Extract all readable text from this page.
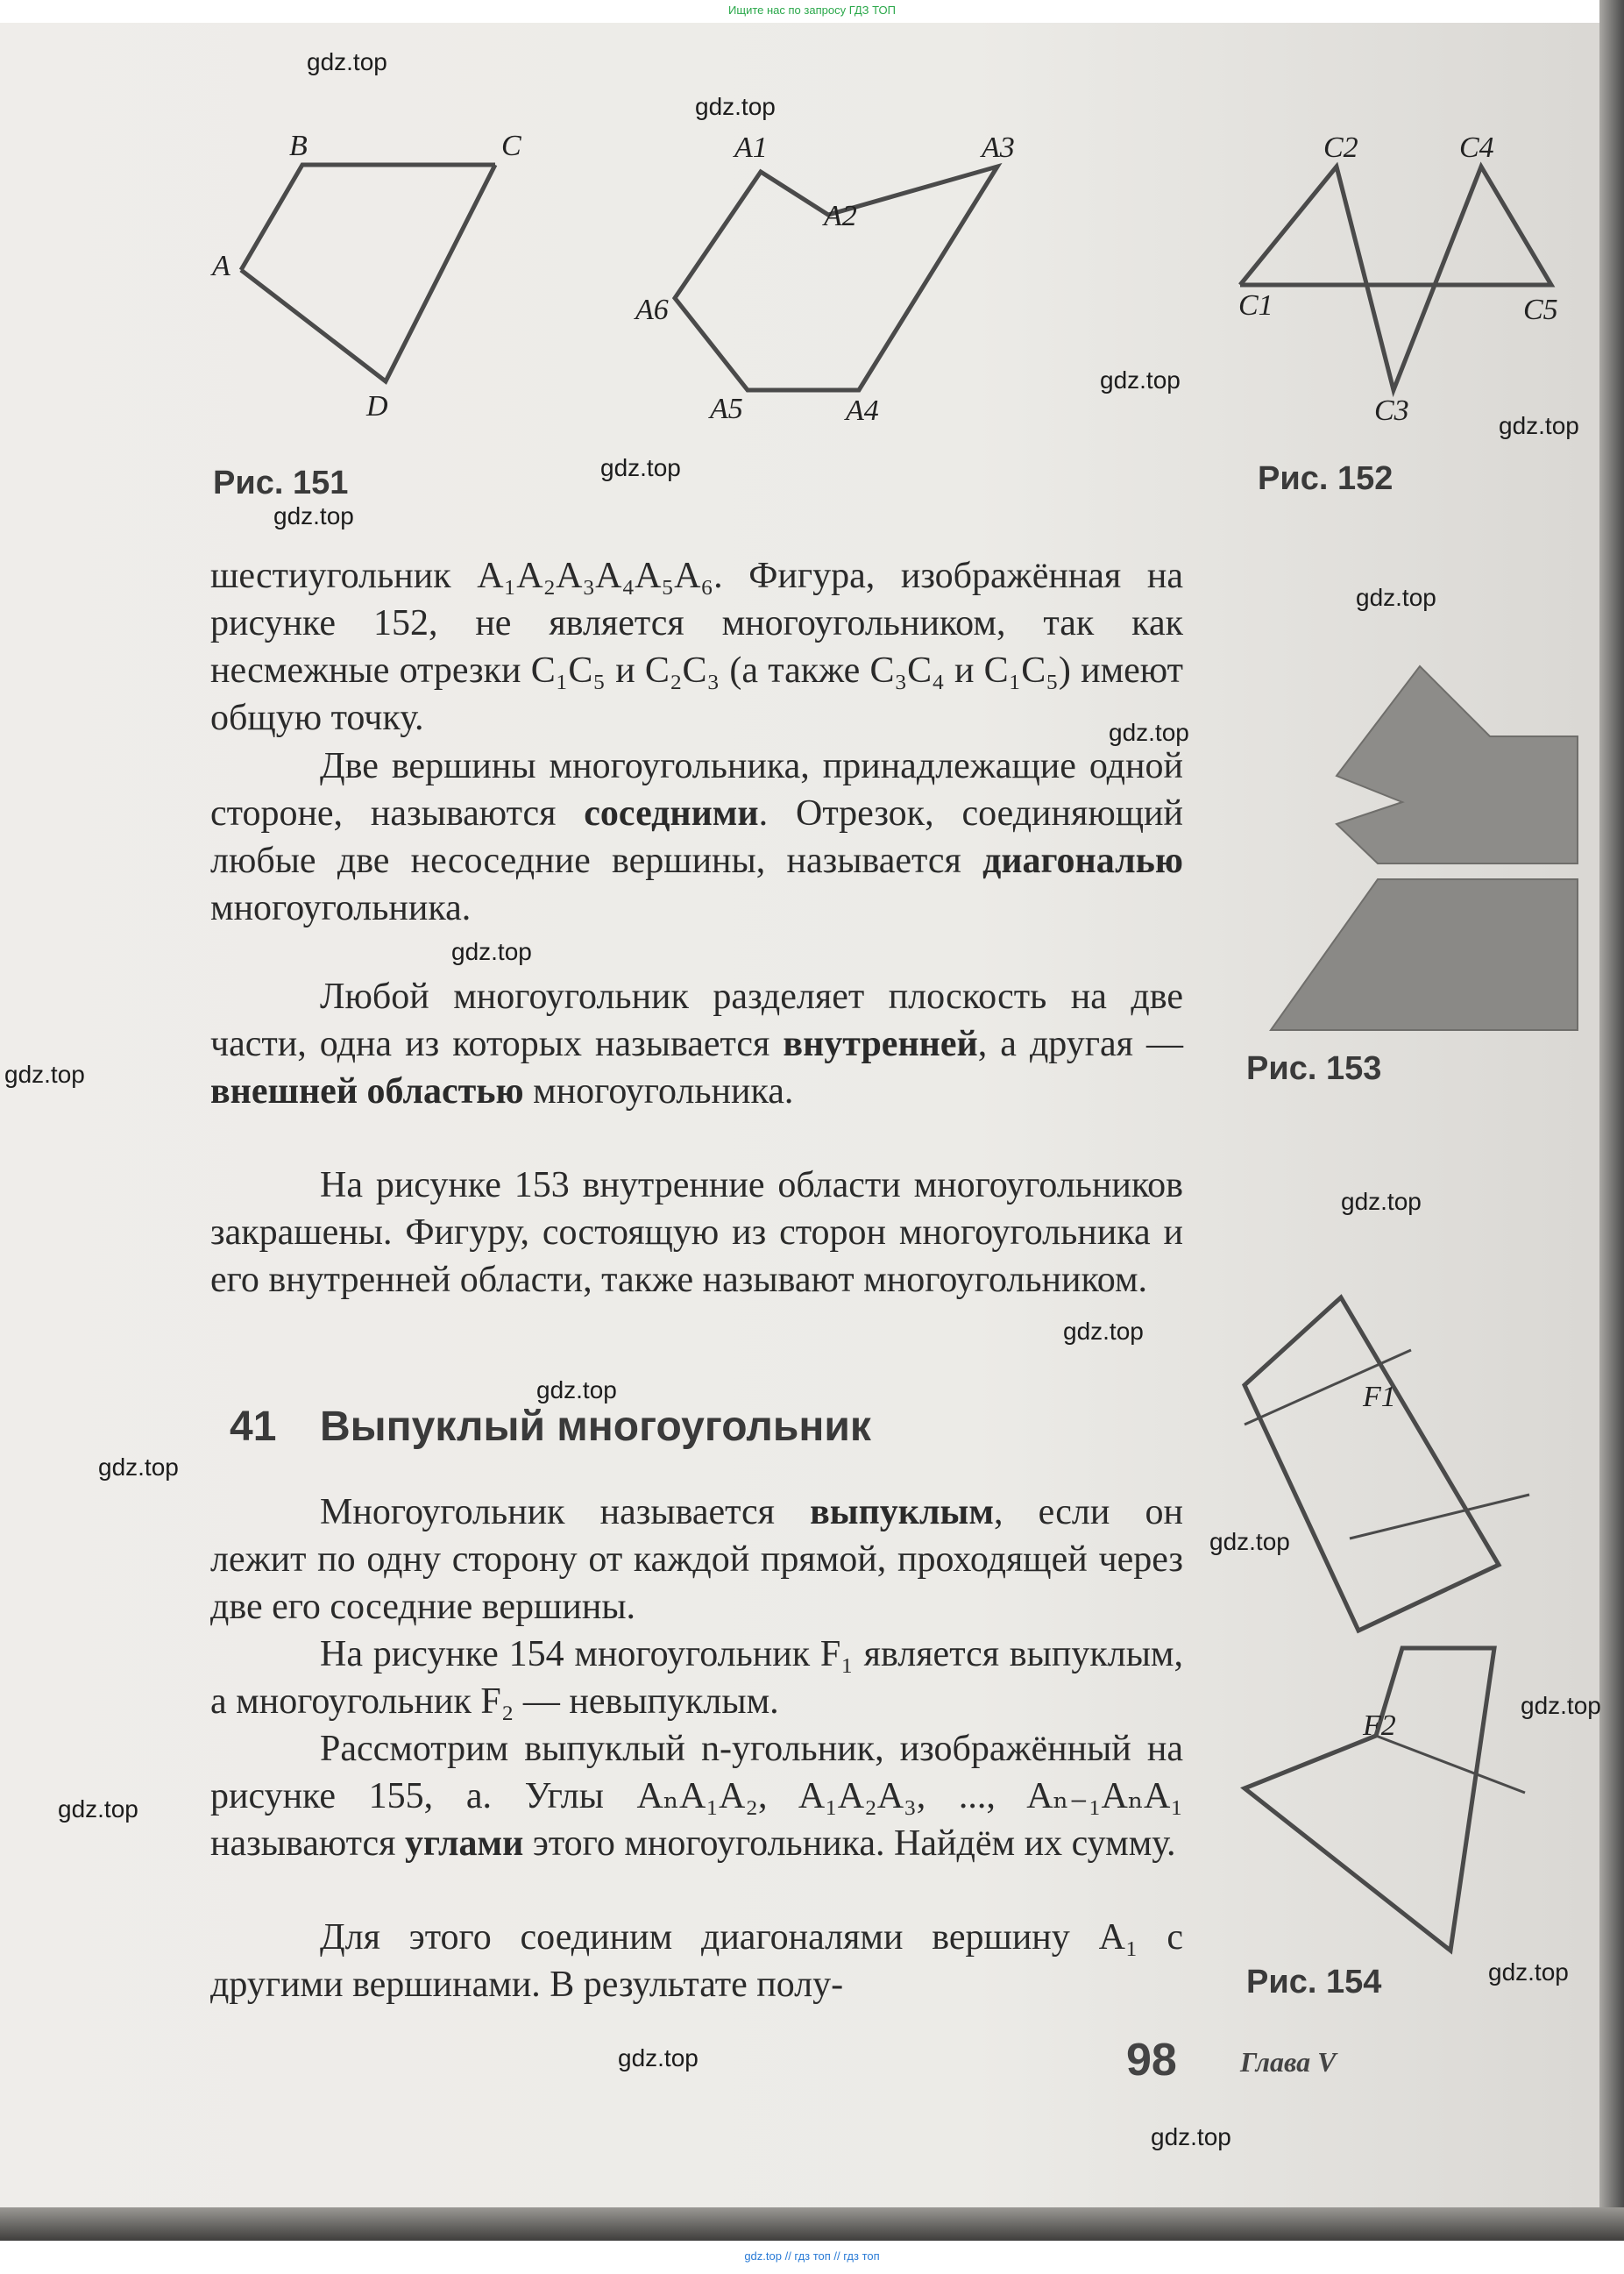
Ищите нас по запросу ГДЗ ТОП
gdz.top // гдз топ // гдз топ
gdz.top
gdz.top
gdz.top
gdz.top
gdz.top
gdz.top
gdz.top
gdz.top
gdz.top
gdz.top
gdz.top
gdz.top
gdz.top
gdz.top
gdz.top
gdz.top
gdz.top
gdz.top
gdz.top
gdz.top
A
B	C
D
Рис. 151
A1
A2
A3
A4
A5
A6	C1
C2
C3
C4
C5
Рис. 152
Рис. 153
F1
F2
Рис. 154
шестиугольник A₁A₂A₃A₄A₅A₆. Фигура, изображённая на рисунке 152, не является многоугольником, так как несмежные отрезки C₁C₅ и C₂C₃ (а также C₃C₄ и C₁C₅) имеют общую точку.
Две вершины многоугольника, принадлежащие одной стороне, называются соседними. Отрезок, соединяющий любые две несоседние вершины, называется диагональю многоугольника.
Любой многоугольник разделяет плоскость на две части, одна из которых называется внутренней, а другая — внешней областью многоугольника.
На рисунке 153 внутренние области многоугольников закрашены. Фигуру, состоящую из сторон многоугольника и его внутренней области, также называют многоугольником.
41 Выпуклый многоугольник
Многоугольник называется выпуклым, если он лежит по одну сторону от каждой прямой, проходящей через две его соседние вершины.
На рисунке 154 многоугольник F₁ является выпуклым, а многоугольник F₂ — невыпуклым.
Рассмотрим выпуклый n-угольник, изображённый на рисунке 155, а. Углы AₙA₁A₂, A₁A₂A₃, ..., Aₙ₋₁AₙA₁ называются углами этого многоугольника. Найдём их сумму.
Для этого соединим диагоналями вершину A₁ с другими вершинами. В результате полу-
98 Глава V
